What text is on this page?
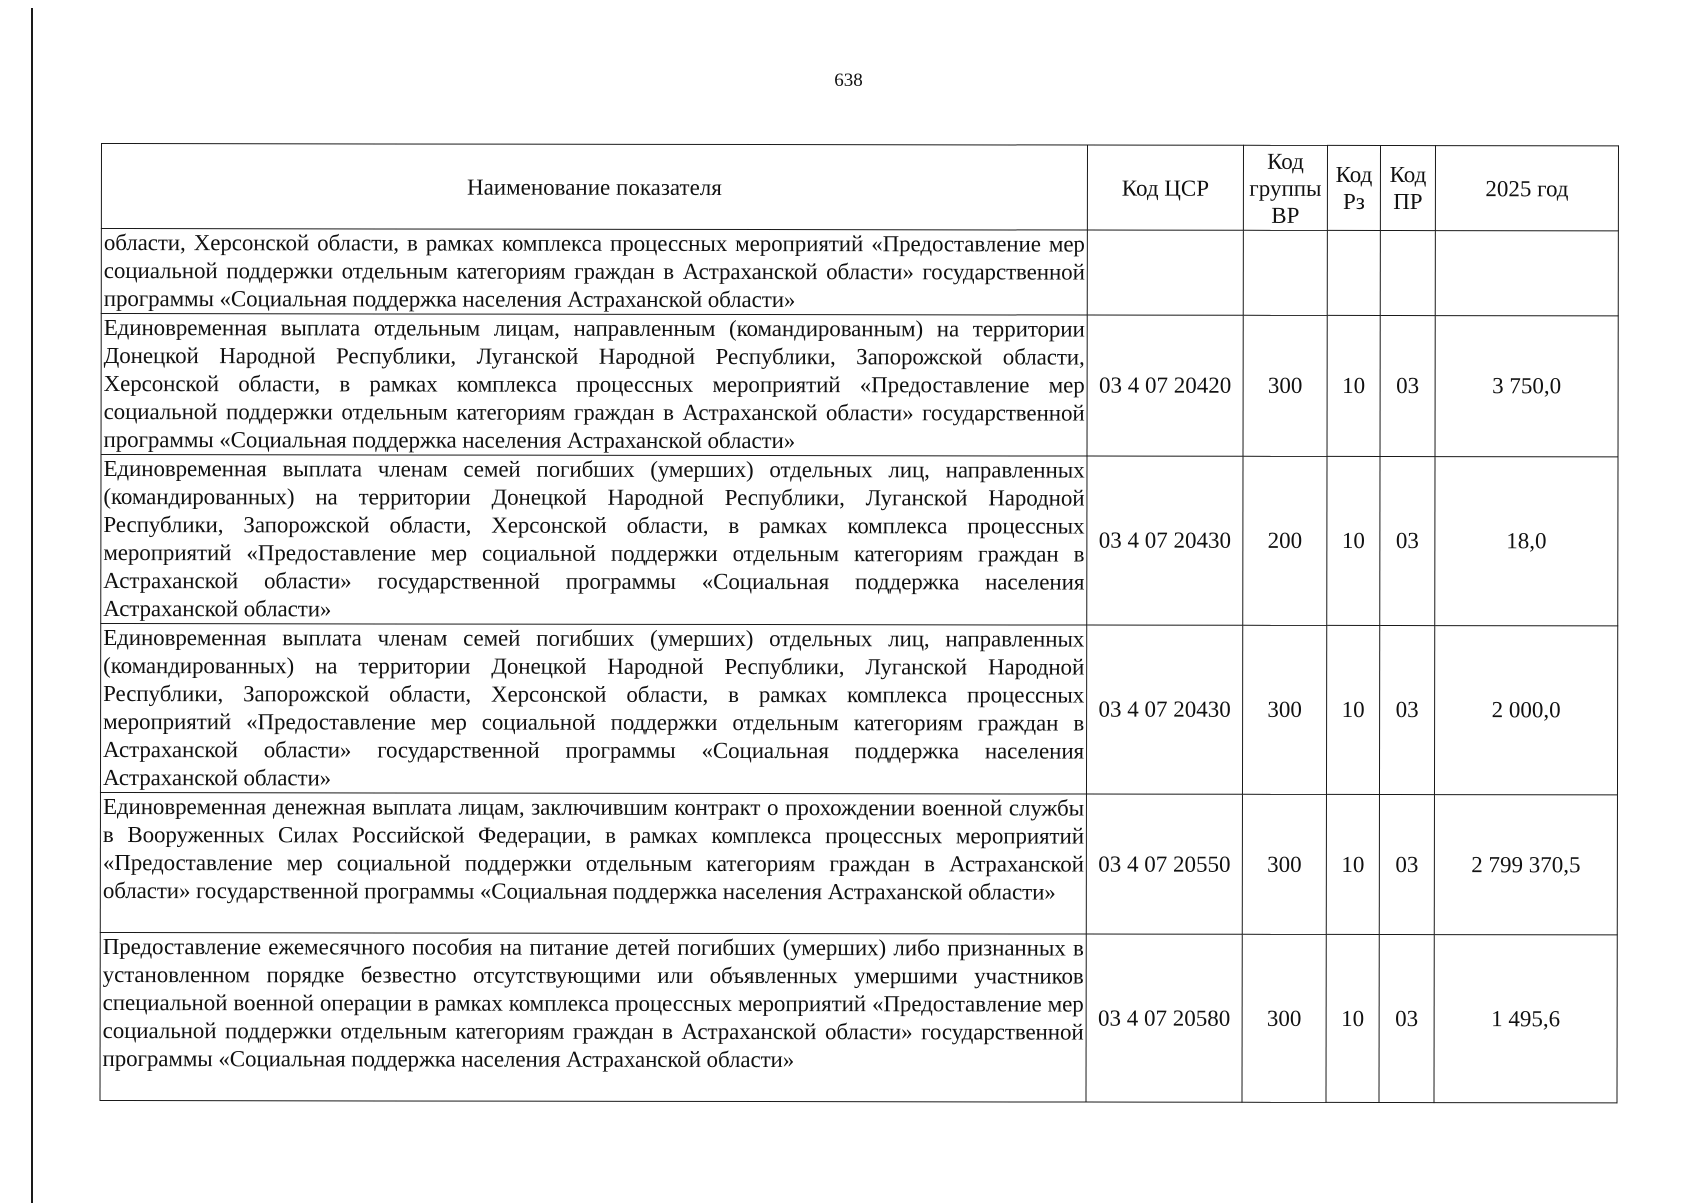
638
Наименование показателя	Код ЦСР	Код группы ВР	Код Рз	Код ПР	2025 год
области, Херсонской области, в рамках комплекса процессных мероприятий «Предоставление мер социальной поддержки отдельным категориям граждан в Астраханской области» государственной программы «Социальная поддержка населения Астраханской области»					
Единовременная выплата отдельным лицам, направленным (командированным) на территории Донецкой Народной Республики, Луганской Народной Республики, Запорожской области, Херсонской области, в рамках комплекса процессных мероприятий «Предоставление мер социальной поддержки отдельным категориям граждан в Астраханской области» государственной программы «Социальная поддержка населения Астраханской области»	03 4 07 20420	300	10	03	3 750,0
Единовременная выплата членам семей погибших (умерших) отдельных лиц, направленных (командированных) на территории Донецкой Народной Республики, Луганской Народной Республики, Запорожской области, Херсонской области, в рамках комплекса процессных мероприятий «Предоставление мер социальной поддержки отдельным категориям граждан в Астраханской области» государственной программы «Социальная поддержка населения Астраханской области»	03 4 07 20430	200	10	03	18,0
Единовременная выплата членам семей погибших (умерших) отдельных лиц, направленных (командированных) на территории Донецкой Народной Республики, Луганской Народной Республики, Запорожской области, Херсонской области, в рамках комплекса процессных мероприятий «Предоставление мер социальной поддержки отдельным категориям граждан в Астраханской области» государственной программы «Социальная поддержка населения Астраханской области»	03 4 07 20430	300	10	03	2 000,0
Единовременная денежная выплата лицам, заключившим контракт о прохождении военной службы в Вооруженных Силах Российской Федерации, в рамках комплекса процессных мероприятий «Предоставление мер социальной поддержки отдельным категориям граждан в Астраханской области» государственной программы «Социальная поддержка населения Астраханской области»	03 4 07 20550	300	10	03	2 799 370,5
Предоставление ежемесячного пособия на питание детей погибших (умерших) либо признанных в установленном порядке безвестно отсутствующими или объявленных умершими участников специальной военной операции в рамках комплекса процессных мероприятий «Предоставление мер социальной поддержки отдельным категориям граждан в Астраханской области» государственной программы «Социальная поддержка населения Астраханской области»	03 4 07 20580	300	10	03	1 495,6
